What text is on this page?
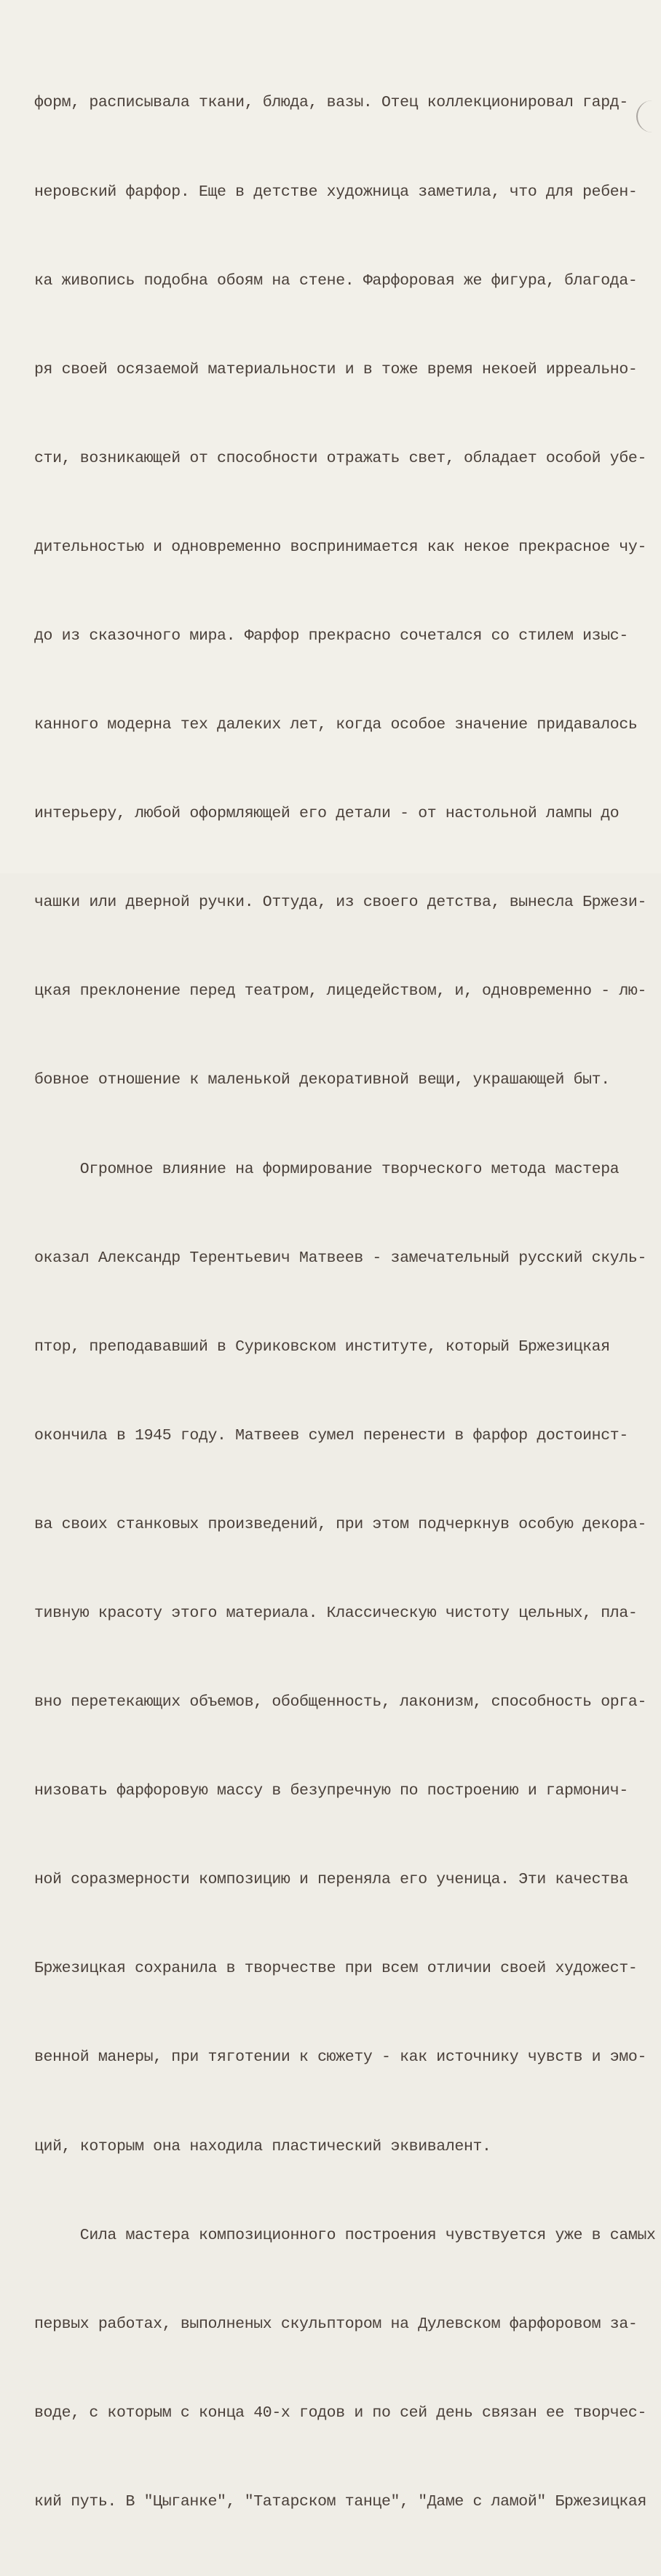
форм, расписывала ткани, блюда, вазы. Отец коллекционировал гард-

неровский фарфор. Еще в детстве художница заметила, что для ребен-

ка живопись подобна обоям на стене. Фарфоровая же фигура, благода-

ря своей осязаемой материальности и в тоже время некоей ирреально-

сти, возникающей от способности отражать свет, обладает особой убе-

дительностью и одновременно воспринимается как некое прекрасное чу-

до из сказочного мира. Фарфор прекрасно сочетался со стилем изыс-

канного модерна тех далеких лет, когда особое значение придавалось

интерьеру, любой оформляющей его детали - от настольной лампы до

чашки или дверной ручки. Оттуда, из своего детства, вынесла Бржези-

цкая преклонение перед театром, лицедейством, и, одновременно - лю-

бовное отношение к маленькой декоративной вещи, украшающей быт.

Огромное влияние на формирование творческого метода мастера

оказал Александр Терентьевич Матвеев - замечательный русский скуль-

птор, преподававший в Суриковском институте, который Бржезицкая

окончила в 1945 году. Матвеев сумел перенести в фарфор достоинст-

ва своих станковых произведений, при этом подчеркнув особую декора-

тивную красоту этого материала. Классическую чистоту цельных, пла-

вно перетекающих объемов, обобщенность, лаконизм, способность орга-

низовать фарфоровую массу в безупречную по построению и гармонич-

ной соразмерности композицию и переняла его ученица. Эти качества

Бржезицкая сохранила в творчестве при всем отличии своей художест-

венной манеры, при тяготении к сюжету - как источнику чувств и эмо-

ций, которым она находила пластический эквивалент.

Сила мастера композиционного построения чувствуется уже в самых

первых работах, выполненых скульптором на Дулевском фарфоровом за-

воде, с которым с конца 40-х годов и по сей день связан ее творчес-

кий путь. В "Цыганке", "Татарском танце", "Даме с ламой" Бржезицкая
